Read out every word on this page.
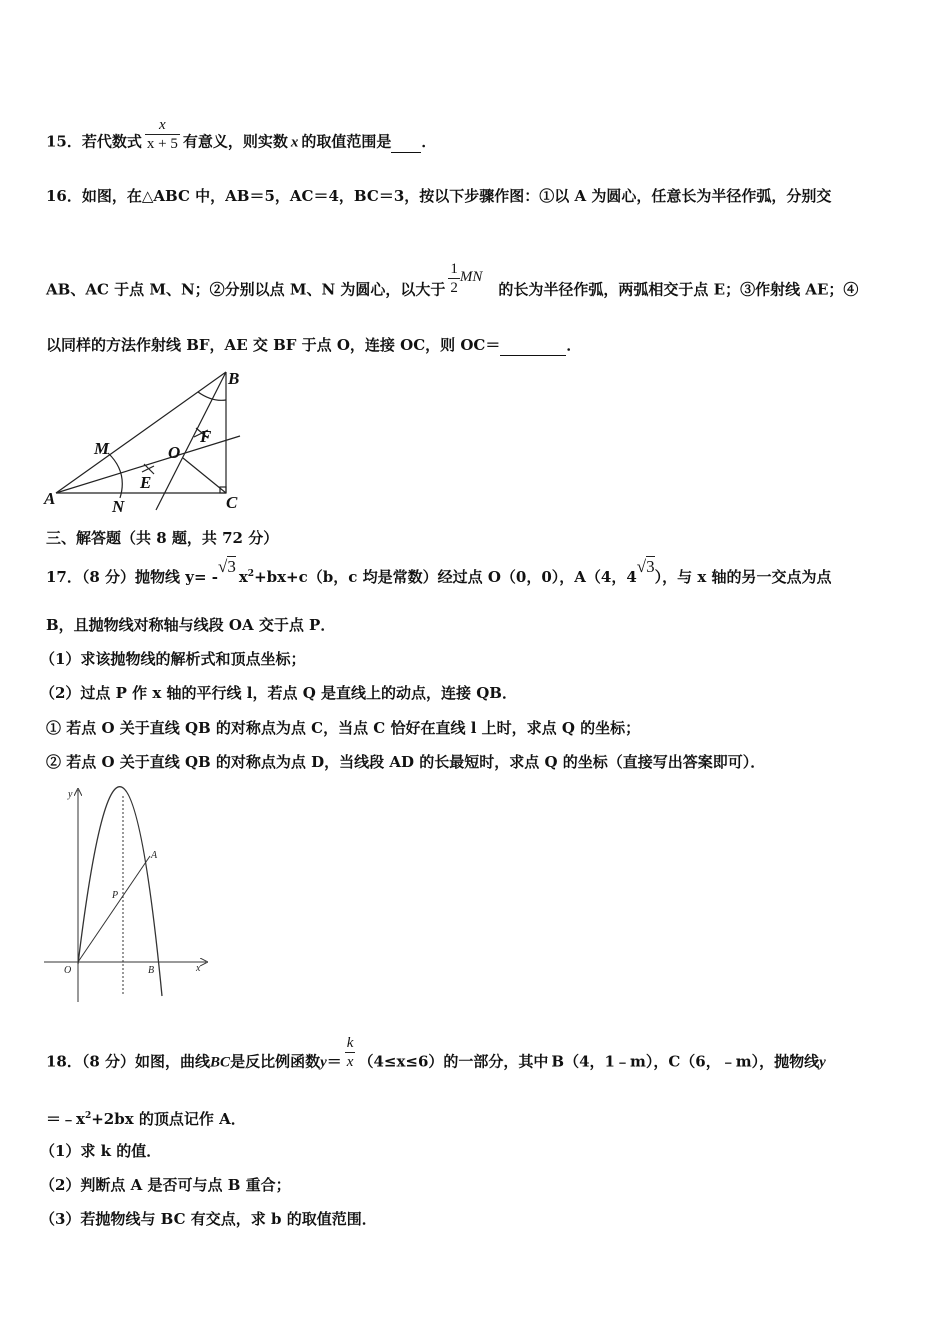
15．若代数式 $\frac{x}{x + 5}$ 有意义，则实数  x  的取值范围是 ．
16．如图，在△ABC 中，AB＝5，AC＝4，BC＝3，按以下步骤作图：①以 A 为圆心，任意长为半径作弧，分别交
AB、AC 于点 M、N；②分别以点 M、N 为圆心，以大于 $\frac{1}{2}$ MN的长为半径作弧，两弧相交于点 E；③作射线 AE；④
以同样的方法作射线 BF，AE 交 BF 于点 O，连接 OC，则 OC＝	．
A
B
C
M
N
E
F
O
三、解答题（共 8 题，共 72 分）
17．（8 分）抛物线 y= -√3 $x^2+bx+c(b$，c 均是常数）经过点 O（0，0），A（4，4√3），与 x 轴的另一交点为点
B，且抛物线对称轴与线段 OA 交于点 P．
（1）求该抛物线的解析式和顶点坐标；
（2）过点 P 作 x 轴的平行线 l，若点 Q 是直线上的动点，连接 QB．
① 若点 O 关于直线 QB 的对称点为点 C，当点 C 恰好在直线 l 上时，求点 Q 的坐标；
② 若点 O 关于直线 QB 的对称点为点 D，当线段 AD 的长最短时，求点 Q 的坐标（直接写出答案即可）．
y
x
O
A
B
P
18．（8 分）如图，曲线BC是反比例函数$y= \frac{k}{x} (4\le x\le 6)$的一部分，其中  B（4，1﹣m），C（6，﹣m），抛物线y
$=﹣x^2+2bx$ 的顶点记作 A．
（1）求 k 的值．
（2）判断点 A 是否可与点 B 重合；
（3）若抛物线与 BC 有交点，求 b 的取值范围．
